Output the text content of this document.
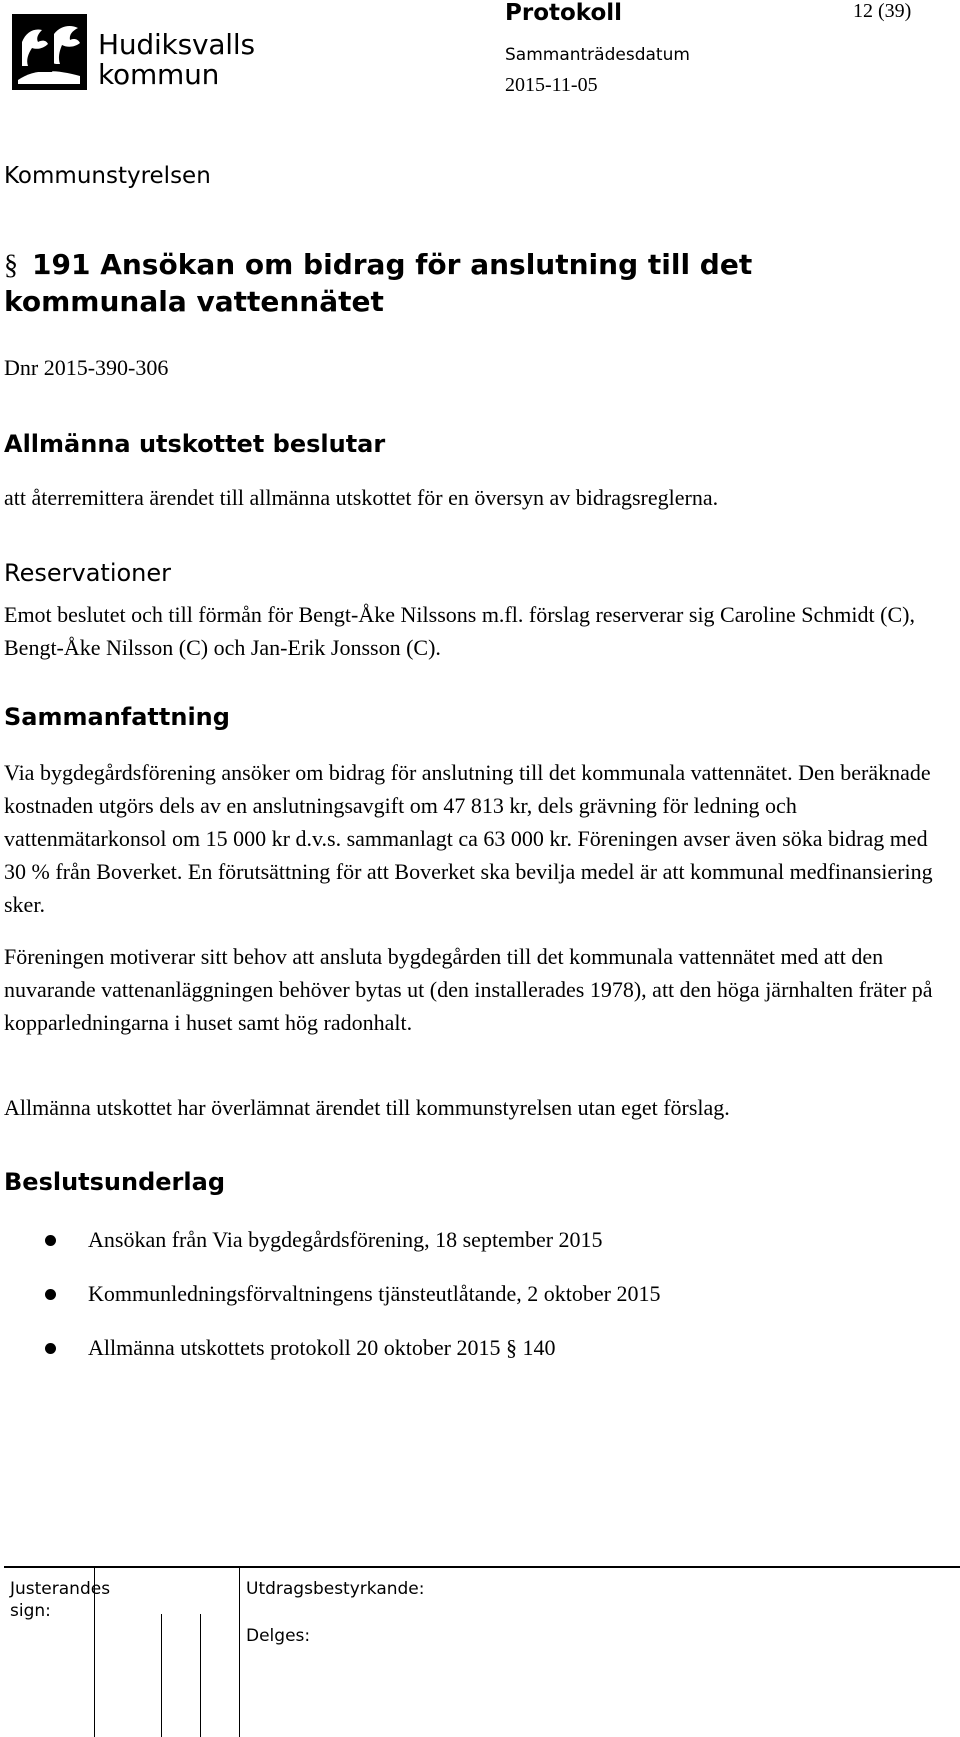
Hudiksvalls
kommun
Protokoll	12 (39)
Sammanträdesdatum
2015-11-05
Kommunstyrelsen
§ 191 Ansökan om bidrag för anslutning till det kommunala vattennätet
Dnr 2015-390-306
Allmänna utskottet beslutar
att återremittera ärendet till allmänna utskottet för en översyn av bidragsreglerna.
Reservationer
Emot beslutet och till förmån för Bengt-Åke Nilssons m.fl. förslag reserverar sig Caroline Schmidt (C), Bengt-Åke Nilsson (C) och Jan-Erik Jonsson (C).
Sammanfattning
Via bygdegårdsförening ansöker om bidrag för anslutning till det kommunala vattennätet. Den beräknade kostnaden utgörs dels av en anslutningsavgift om 47 813 kr, dels grävning för ledning och vattenmätarkonsol om 15 000 kr d.v.s. sammanlagt ca 63 000 kr. Föreningen avser även söka bidrag med 30 % från Boverket. En förutsättning för att Boverket ska bevilja medel är att kommunal medfinansiering sker.
Föreningen motiverar sitt behov att ansluta bygdegården till det kommunala vattennätet med att den nuvarande vattenanläggningen behöver bytas ut (den installerades 1978), att den höga järnhalten fräter på kopparledningarna i huset samt hög radonhalt.
Allmänna utskottet har överlämnat ärendet till kommunstyrelsen utan eget förslag.
Beslutsunderlag
Ansökan från Via bygdegårdsförening, 18 september 2015
Kommunledningsförvaltningens tjänsteutlåtande, 2 oktober 2015
Allmänna utskottets protokoll 20 oktober 2015 § 140
Justerandes
sign:
Utdragsbestyrkande:
Delges:
